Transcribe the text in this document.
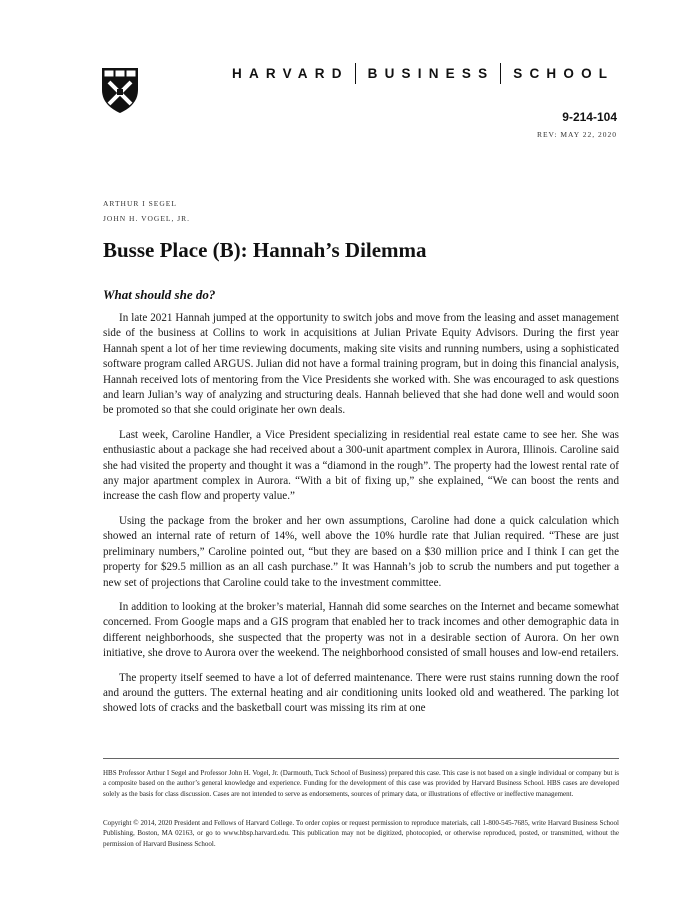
HARVARD BUSINESS SCHOOL
9-214-104
REV: MAY 22, 2020
ARTHUR I SEGEL
JOHN H. VOGEL, JR.
Busse Place (B): Hannah’s Dilemma
What should she do?

In late 2021 Hannah jumped at the opportunity to switch jobs and move from the leasing and asset management side of the business at Collins to work in acquisitions at Julian Private Equity Advisors. During the first year Hannah spent a lot of her time reviewing documents, making site visits and running numbers, using a sophisticated software program called ARGUS. Julian did not have a formal training program, but in doing this financial analysis, Hannah received lots of mentoring from the Vice Presidents she worked with. She was encouraged to ask questions and learn Julian’s way of analyzing and structuring deals. Hannah believed that she had done well and would soon be promoted so that she could originate her own deals.

Last week, Caroline Handler, a Vice President specializing in residential real estate came to see her. She was enthusiastic about a package she had received about a 300-unit apartment complex in Aurora, Illinois. Caroline said she had visited the property and thought it was a “diamond in the rough”. The property had the lowest rental rate of any major apartment complex in Aurora. “With a bit of fixing up,” she explained, “We can boost the rents and increase the cash flow and property value.”

Using the package from the broker and her own assumptions, Caroline had done a quick calculation which showed an internal rate of return of 14%, well above the 10% hurdle rate that Julian required. “These are just preliminary numbers,” Caroline pointed out, “but they are based on a $30 million price and I think I can get the property for $29.5 million as an all cash purchase.” It was Hannah’s job to scrub the numbers and put together a new set of projections that Caroline could take to the investment committee.

In addition to looking at the broker’s material, Hannah did some searches on the Internet and became somewhat concerned. From Google maps and a GIS program that enabled her to track incomes and other demographic data in different neighborhoods, she suspected that the property was not in a desirable section of Aurora. On her own initiative, she drove to Aurora over the weekend. The neighborhood consisted of small houses and low-end retailers.

The property itself seemed to have a lot of deferred maintenance. There were rust stains running down the roof and around the gutters. The external heating and air conditioning units looked old and weathered. The parking lot showed lots of cracks and the basketball court was missing its rim at one

HBS Professor Arthur I Segel and Professor John H. Vogel, Jr. (Darmouth, Tuck School of Business) prepared this case. This case is not based on a single individual or company but is a composite based on the author’s general knowledge and experience. Funding for the development of this case was provided by Harvard Business School. HBS cases are developed solely as the basis for class discussion. Cases are not intended to serve as endorsements, sources of primary data, or illustrations of effective or ineffective management.

Copyright © 2014, 2020 President and Fellows of Harvard College. To order copies or request permission to reproduce materials, call 1-800-545-7685, write Harvard Business School Publishing, Boston, MA 02163, or go to www.hbsp.harvard.edu. This publication may not be digitized, photocopied, or otherwise reproduced, posted, or transmitted, without the permission of Harvard Business School.
